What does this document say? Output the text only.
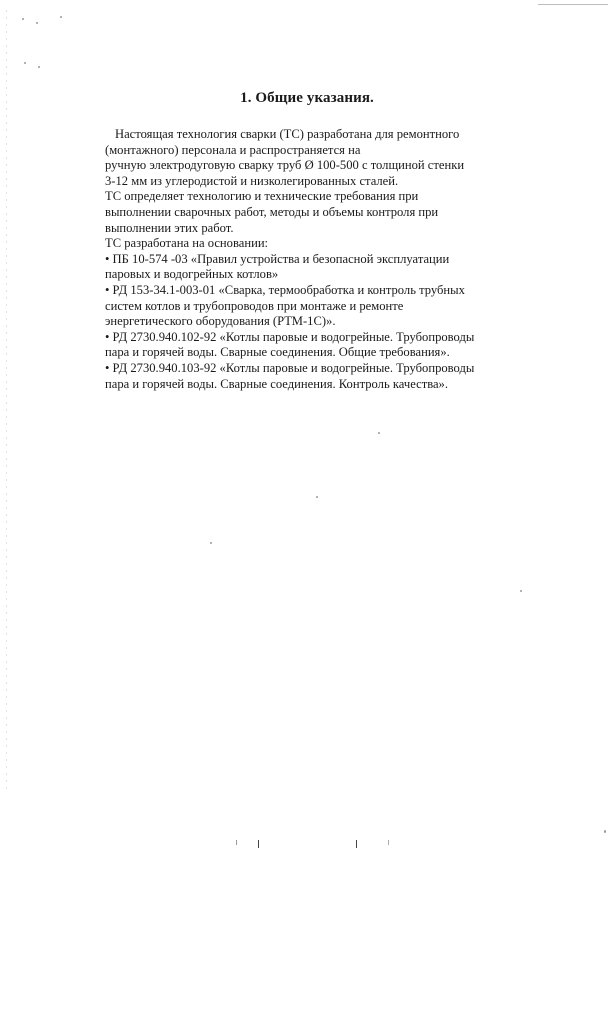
1. Общие указания.
Настоящая технология сварки (ТС) разработана для ремонтного
(монтажного) персонала и распространяется на
ручную электродуговую сварку труб Ø 100-500 с толщиной стенки
3-12 мм из углеродистой и низколегированных сталей.
ТС определяет технологию и технические требования при
выполнении сварочных работ, методы и объемы контроля при
выполнении этих работ.
ТС разработана на основании:
• ПБ 10-574 -03 «Правил устройства и безопасной эксплуатации
паровых и водогрейных котлов»
• РД 153-34.1-003-01 «Сварка, термообработка и контроль трубных
систем котлов и трубопроводов при монтаже и ремонте
энергетического оборудования (РТМ-1С)».
• РД 2730.940.102-92 «Котлы паровые и водогрейные. Трубопроводы
пара и горячей воды. Сварные соединения. Общие требования».
• РД 2730.940.103-92 «Котлы паровые и водогрейные. Трубопроводы
пара и горячей воды. Сварные соединения. Контроль качества».
